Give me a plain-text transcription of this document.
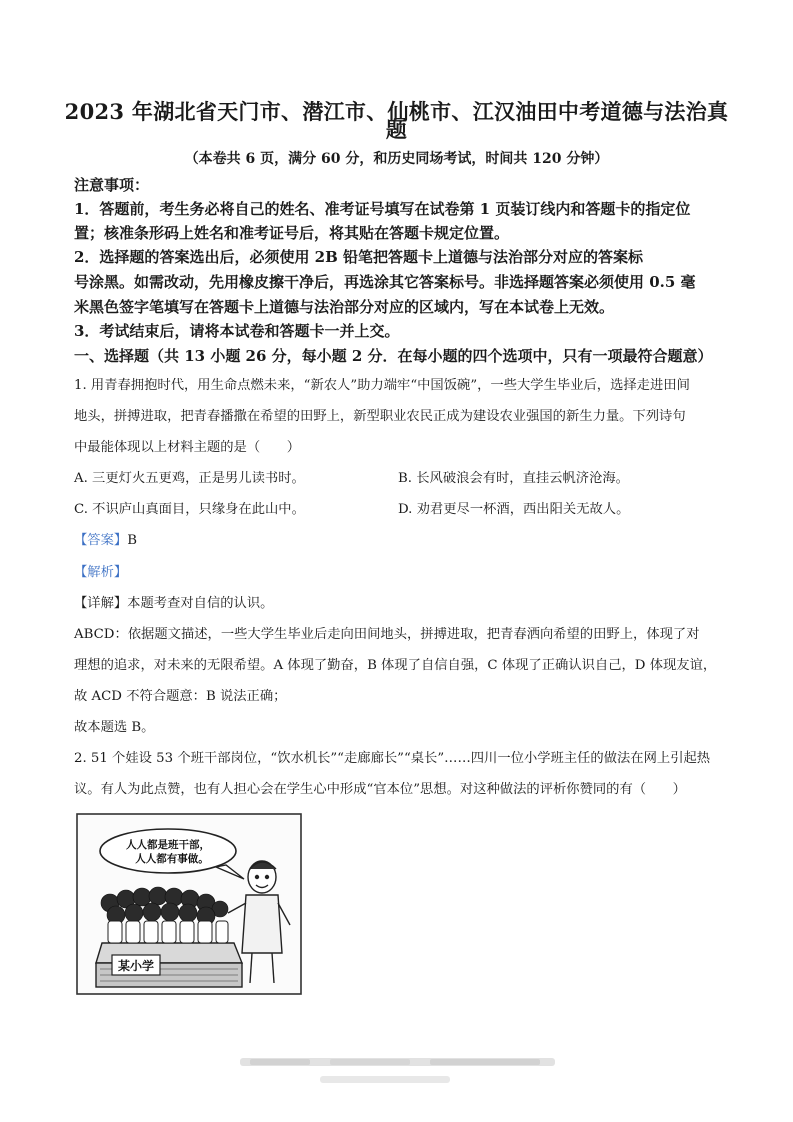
2023 年湖北省天门市、潜江市、仙桃市、江汉油田中考道德与法治真
题
（本卷共 6 页，满分 60 分，和历史同场考试，时间共 120 分钟）
注意事项：
1．答题前，考生务必将自己的姓名、准考证号填写在试卷第 1 页装订线内和答题卡的指定位
置；核准条形码上姓名和准考证号后，将其贴在答题卡规定位置。
2．选择题的答案选出后，必须使用 2B 铅笔把答题卡上道德与法治部分对应的答案标
号涂黑。如需改动，先用橡皮擦干净后，再选涂其它答案标号。非选择题答案必须使用 0.5 毫
米黑色签字笔填写在答题卡上道德与法治部分对应的区域内，写在本试卷上无效。
3．考试结束后，请将本试卷和答题卡一并上交。
一、选择题（共 13 小题 26 分，每小题 2 分．在每小题的四个选项中，只有一项最符合题意）
1. 用青春拥抱时代，用生命点燃未来，“新农人”助力端牢“中国饭碗”，一些大学生毕业后，选择走进田间
地头，拼搏进取，把青春播撒在希望的田野上，新型职业农民正成为建设农业强国的新生力量。下列诗句
中最能体现以上材料主题的是（　　）
A. 三更灯火五更鸡，正是男儿读书时。	B. 长风破浪会有时，直挂云帆济沧海。
C. 不识庐山真面目，只缘身在此山中。	D. 劝君更尽一杯酒，西出阳关无故人。
【答案】B
【解析】
【详解】本题考查对自信的认识。
ABCD：依据题文描述，一些大学生毕业后走向田间地头，拼搏进取，把青春洒向希望的田野上，体现了对
理想的追求，对未来的无限希望。A 体现了勤奋，B 体现了自信自强，C 体现了正确认识自己，D 体现友谊，
故 ACD 不符合题意：B 说法正确；
故本题选 B。
2. 51 个娃设 53 个班干部岗位，“饮水机长”“走廊廊长”“桌长”……四川一位小学班主任的做法在网上引起热
议。有人为此点赞，也有人担心会在学生心中形成“官本位”思想。对这种做法的评析你赞同的有（　　）
人人都是班干部，
人人都有事做。
某小学
